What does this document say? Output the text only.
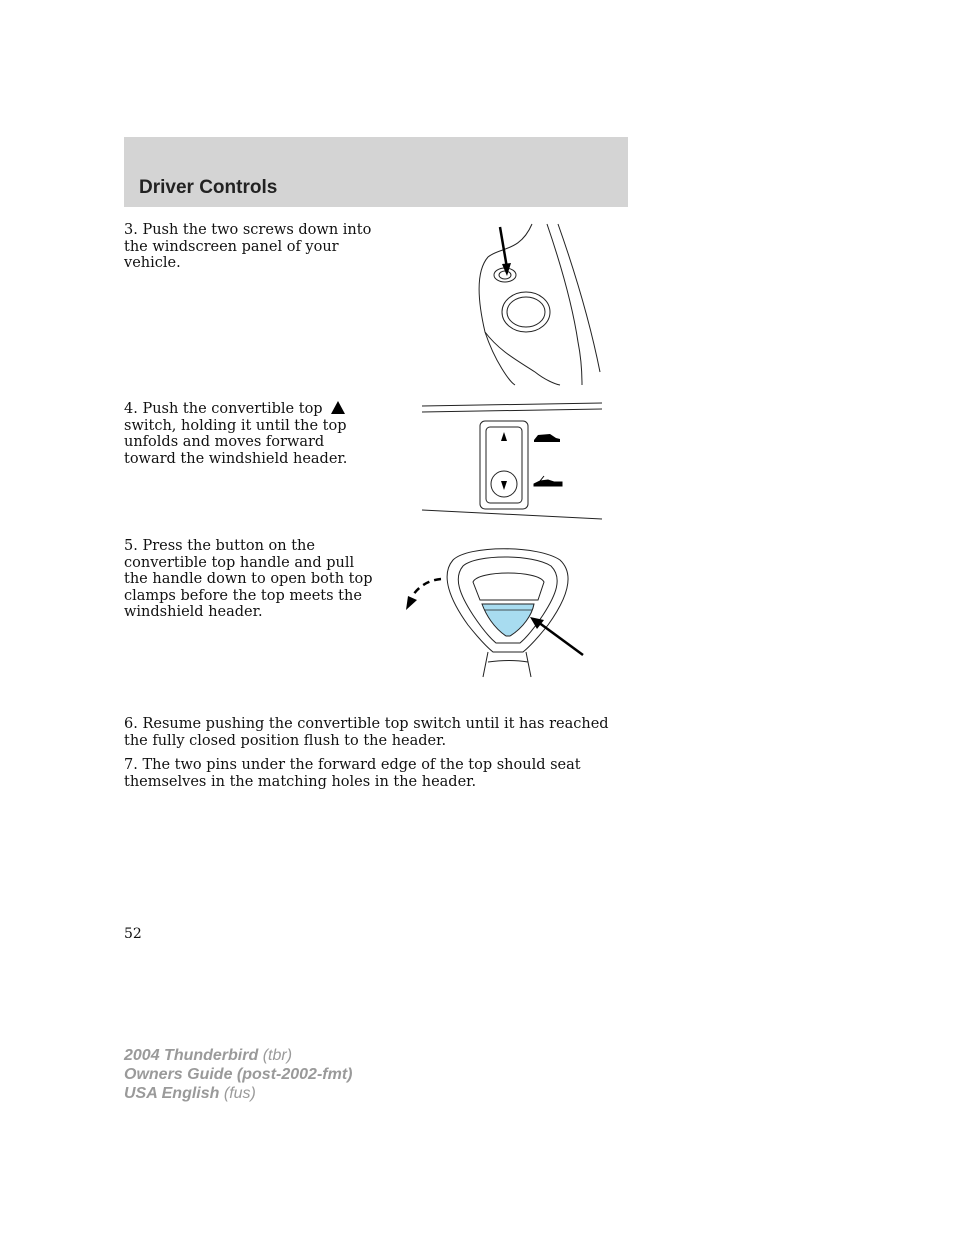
Driver Controls
3. Push the two screws down into the windscreen panel of your vehicle.
4. Push the convertible top  switch, holding it until the top unfolds and moves forward toward the windshield header.
5. Press the button on the convertible top handle and pull the handle down to open both top clamps before the top meets the windshield header.
6. Resume pushing the convertible top switch until it has reached the fully closed position flush to the header.
7. The two pins under the forward edge of the top should seat themselves in the matching holes in the header.
52
2004 Thunderbird (tbr)
Owners Guide (post-2002-fmt)
USA English (fus)
